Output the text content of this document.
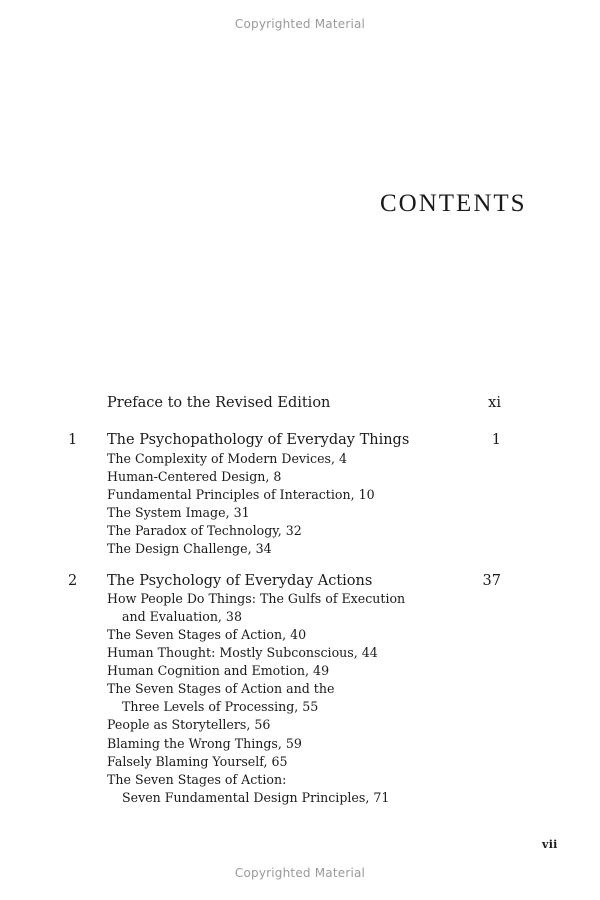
Copyrighted Material
CONTENTS
Preface to the Revised Edition	xi
1 The Psychopathology of Everyday Things	1
The Complexity of Modern Devices, 4
Human-Centered Design, 8
Fundamental Principles of Interaction, 10
The System Image, 31
The Paradox of Technology, 32
The Design Challenge, 34
2 The Psychology of Everyday Actions	37
How People Do Things: The Gulfs of Execution
and Evaluation, 38
The Seven Stages of Action, 40
Human Thought: Mostly Subconscious, 44
Human Cognition and Emotion, 49
The Seven Stages of Action and the
Three Levels of Processing, 55
People as Storytellers, 56
Blaming the Wrong Things, 59
Falsely Blaming Yourself, 65
The Seven Stages of Action:
Seven Fundamental Design Principles, 71
vii
Copyrighted Material
